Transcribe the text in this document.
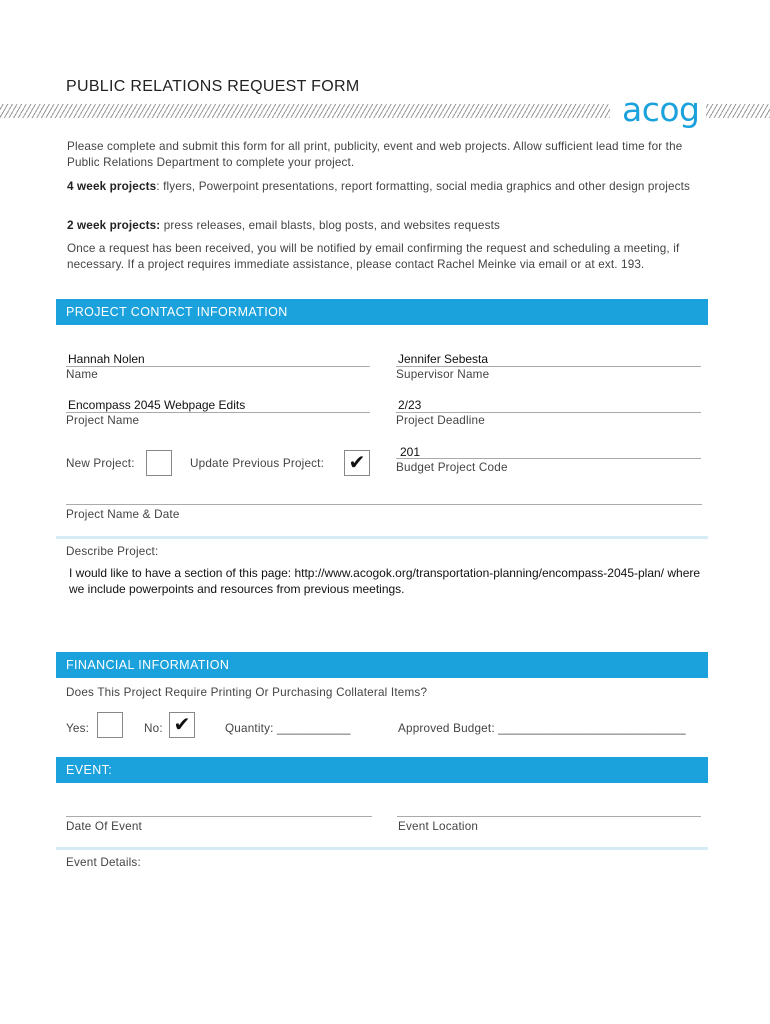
PUBLIC RELATIONS REQUEST FORM
acog
Please complete and submit this form for all print, publicity, event and web projects. Allow sufficient lead time for the Public Relations Department to complete your project.
4 week projects: flyers, Powerpoint presentations, report formatting, social media graphics and other design projects
2 week projects: press releases, email blasts, blog posts, and websites requests
Once a request has been received, you will be notified by email confirming the request and scheduling a meeting, if necessary. If a project requires immediate assistance, please contact Rachel Meinke via email or at ext. 193.
PROJECT CONTACT INFORMATION
Hannah Nolen
Name
Jennifer Sebesta
Supervisor Name
Encompass 2045 Webpage Edits
Project Name
2/23
Project Deadline
New Project:	Update Previous Project: ✔	201
Budget Project Code
Project Name & Date
Describe Project:
I would like to have a section of this page: http://www.acogok.org/transportation-planning/encompass-2045-plan/ where we include powerpoints and resources from previous meetings.
FINANCIAL INFORMATION
Does This Project Require Printing Or Purchasing Collateral Items?
Yes:	No: ✔	Quantity: ___________	Approved Budget: ____________________________
EVENT:
Date Of Event	Event Location
Event Details:
